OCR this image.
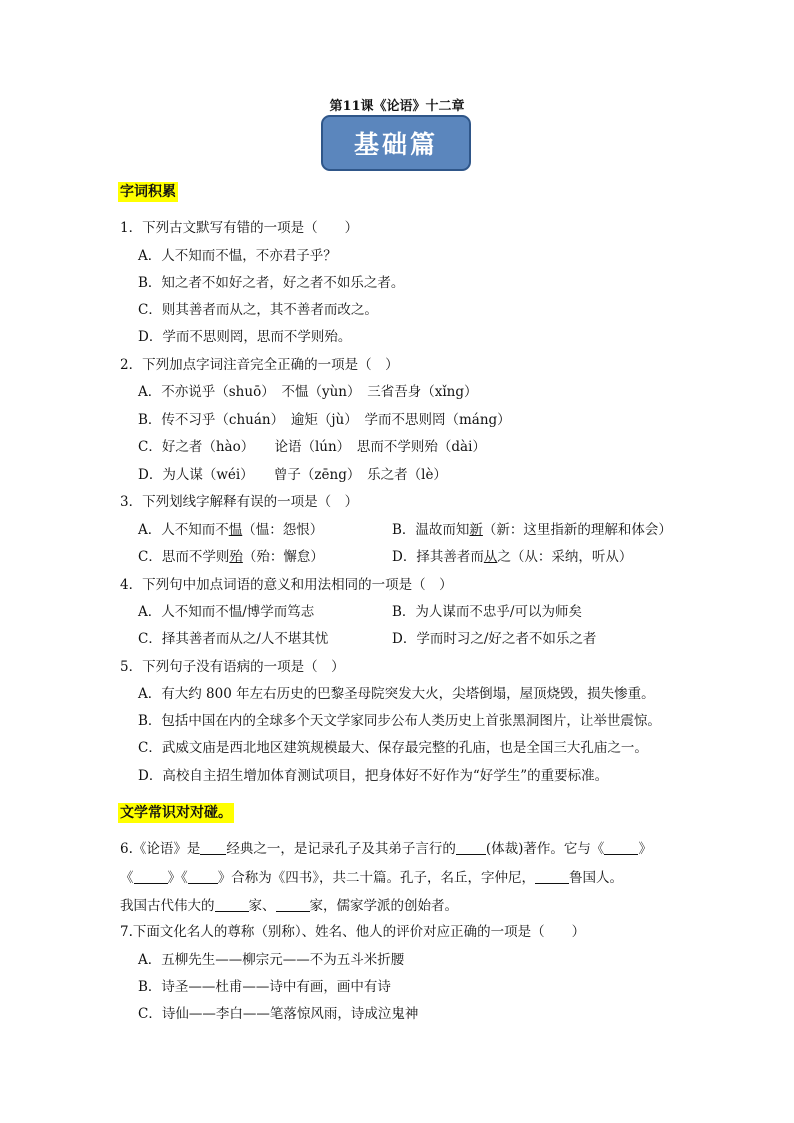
第11课《论语》十二章
基础篇
字词积累
1．下列古文默写有错的一项是（　　）
A．人不知而不愠，不亦君子乎？
B．知之者不如好之者，好之者不如乐之者。
C．则其善者而从之，其不善者而改之。
D．学而不思则罔，思而不学则殆。
2．下列加点字词注音完全正确的一项是（　）
A．不亦说乎（shuō）　不愠（yùn）　三省吾身（xǐng）
B．传不习乎（chuán）　逾矩（jù）　学而不思则罔（máng）
C．好之者（hào）　　论语（lún）　思而不学则殆（dài）
D．为人谋（wéi）　　曾子（zēng）　乐之者（lè）
3．下列划线字解释有误的一项是（　）
A．人不知而不愠（愠：怨恨）	B．温故而知新（新：这里指新的理解和体会）
C．思而不学则殆（殆：懈怠）	D．择其善者而从之（从：采纳，听从）
4．下列句中加点词语的意义和用法相同的一项是（　）
A．人不知而不愠/博学而笃志	B．为人谋而不忠乎/可以为师矣
C．择其善者而从之/人不堪其忧	D．学而时习之/好之者不如乐之者
5．下列句子没有语病的一项是（　）
A．有大约 800 年左右历史的巴黎圣母院突发大火，尖塔倒塌，屋顶烧毁，损失惨重。
B．包括中国在内的全球多个天文学家同步公布人类历史上首张黑洞图片，让举世震惊。
C．武威文庙是西北地区建筑规模最大、保存最完整的孔庙，也是全国三大孔庙之一。
D．高校自主招生增加体育测试项目，把身体好不好作为“好学生”的重要标准。
文学常识对对碰。
6.《论语》是 经典之一，是记录孔子及其弟子言行的 (体裁)著作。它与《	》
《	》《 》合称为《四书》，共二十篇。孔子，名丘，字仲尼，	鲁国人。
我国古代伟大的	家、	家，儒家学派的创始者。
7.下面文化名人的尊称（别称）、姓名、他人的评价对应正确的一项是（　　）
A．五柳先生——柳宗元——不为五斗米折腰
B．诗圣——杜甫——诗中有画，画中有诗
C．诗仙——李白——笔落惊风雨，诗成泣鬼神
